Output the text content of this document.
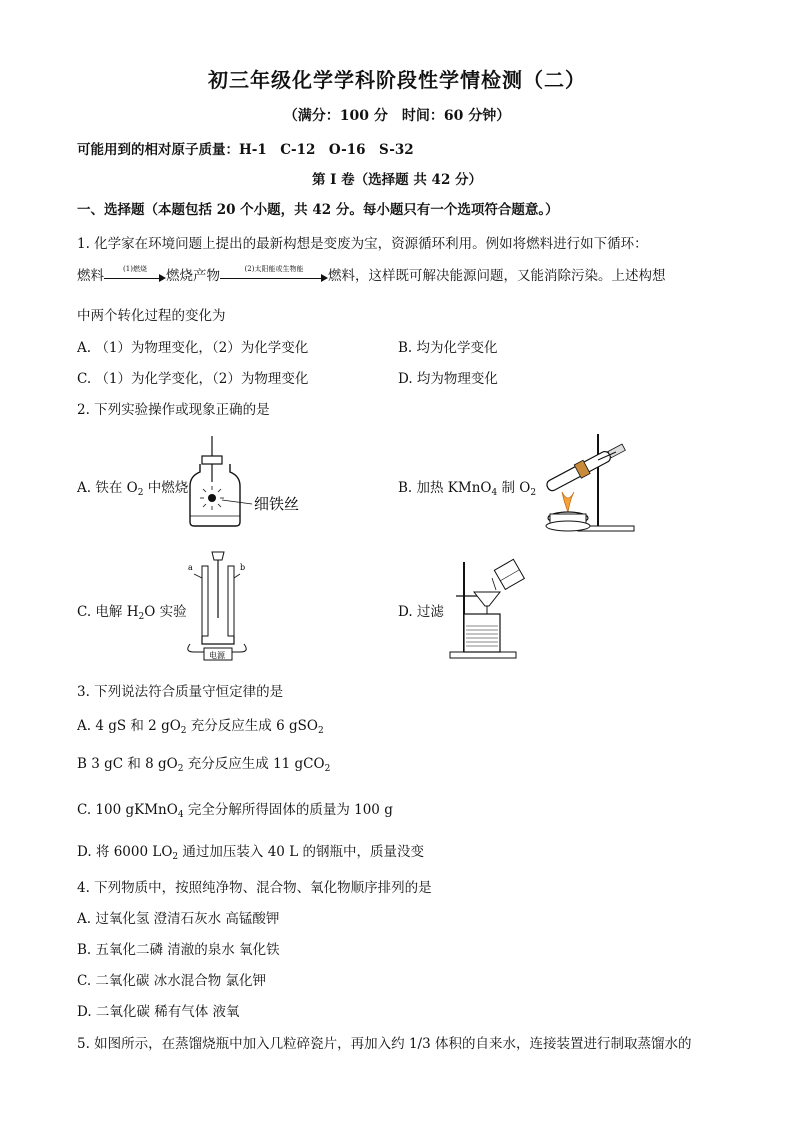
初三年级化学学科阶段性学情检测（二）
（满分：100 分　时间：60 分钟）
可能用到的相对原子质量：H-1　C-12　O-16　S-32
第 I 卷（选择题 共 42 分）
一、选择题（本题包括 20 个小题，共 42 分。每小题只有一个选项符合题意。）
1. 化学家在环境问题上提出的最新构想是变废为宝，资源循环利用。例如将燃料进行如下循环：
燃料	(1)燃烧	燃烧产物	(2)太阳能或生物能	燃料，这样既可解决能源问题，又能消除污染。上述构想
中两个转化过程的变化为
A. （1）为物理变化，（2）为化学变化	B. 均为化学变化
C. （1）为化学变化，（2）为物理变化	D. 均为物理变化
2. 下列实验操作或现象正确的是
A. 铁在 $O_2$ 中燃烧
细铁丝
B. 加热 KMnO$_4$ 制 $O_2$
C. 电解 $H_2O$ 实验
a	b
电源
D. 过滤
3. 下列说法符合质量守恒定律的是
A. 4 gS 和 2 $gO_2$ 充分反应生成 6 gSO$_2$
B 3 gC 和 8 $gO_2$ 充分反应生成 11 gCO$_2$
C. 100 gKMnO$_4$ 完全分解所得固体的质量为 100 g
D. 将 6000 $LO_2$ 通过加压装入 40 L 的钢瓶中，质量没变
4. 下列物质中，按照纯净物、混合物、氧化物顺序排列的是
A. 过氧化氢 澄清石灰水 高锰酸钾
B. 五氧化二磷 清澈的泉水 氧化铁
C. 二氧化碳 冰水混合物 氯化钾
D. 二氧化碳 稀有气体 液氧
5. 如图所示，在蒸馏烧瓶中加入几粒碎瓷片，再加入约 1/3 体积的自来水，连接装置进行制取蒸馏水的
